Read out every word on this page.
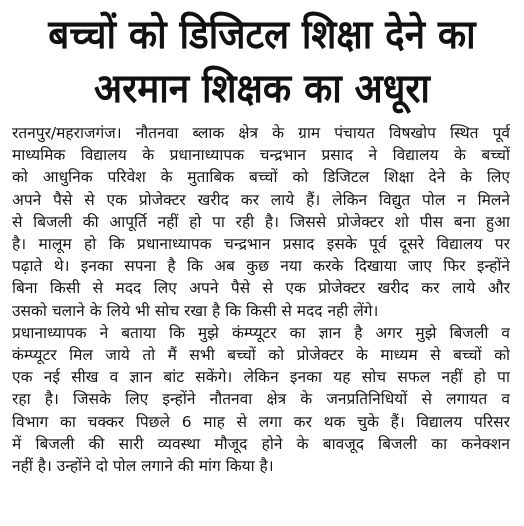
बच्चों को डिजिटल शिक्षा देने का
अरमान शिक्षक का अधूरा
रतनपुर/महराजगंज। नौतनवा ब्लाक क्षेत्र के ग्राम पंचायत विषखोप स्थित पूर्व
माध्यमिक विद्यालय के प्रधानाध्यापक चन्द्रभान प्रसाद ने विद्यालय के बच्चों
को आधुनिक परिवेश के मुताबिक बच्चों को डिजिटल शिक्षा देने के लिए
अपने पैसे से एक प्रोजेक्टर खरीद कर लाये हैं। लेकिन विद्युत पोल न मिलने
से बिजली की आपूर्ति नहीं हो पा रही है। जिससे प्रोजेक्टर शो पीस बना हुआ
है। मालूम हो कि प्रधानाध्यापक चन्द्रभान प्रसाद इसके पूर्व दूसरे विद्यालय पर
पढ़ाते थे। इनका सपना है कि अब कुछ नया करके दिखाया जाए फिर इन्होंने
बिना किसी से मदद लिए अपने पैसे से एक प्रोजेक्टर खरीद कर लाये और
उसको चलाने के लिये भी सोच रखा है कि किसी से मदद नही लेंगे।
प्रधानाध्यापक ने बताया कि मुझे कंम्प्यूटर का ज्ञान है अगर मुझे बिजली व
कंम्प्यूटर मिल जाये तो मैं सभी बच्चों को प्रोजेक्टर के माध्यम से बच्चों को
एक नई सीख व ज्ञान बांट सकेंगे। लेकिन इनका यह सोच सफल नहीं हो पा
रहा है। जिसके लिए इन्होंने नौतनवा क्षेत्र के जनप्रतिनिधियों से लगायत व
विभाग का चक्कर पिछले 6 माह से लगा कर थक चुके हैं। विद्यालय परिसर
में बिजली की सारी व्यवस्था मौजूद होने के बावजूद बिजली का कनेक्शन
नहीं है। उन्होंने दो पोल लगाने की मांग किया है।
